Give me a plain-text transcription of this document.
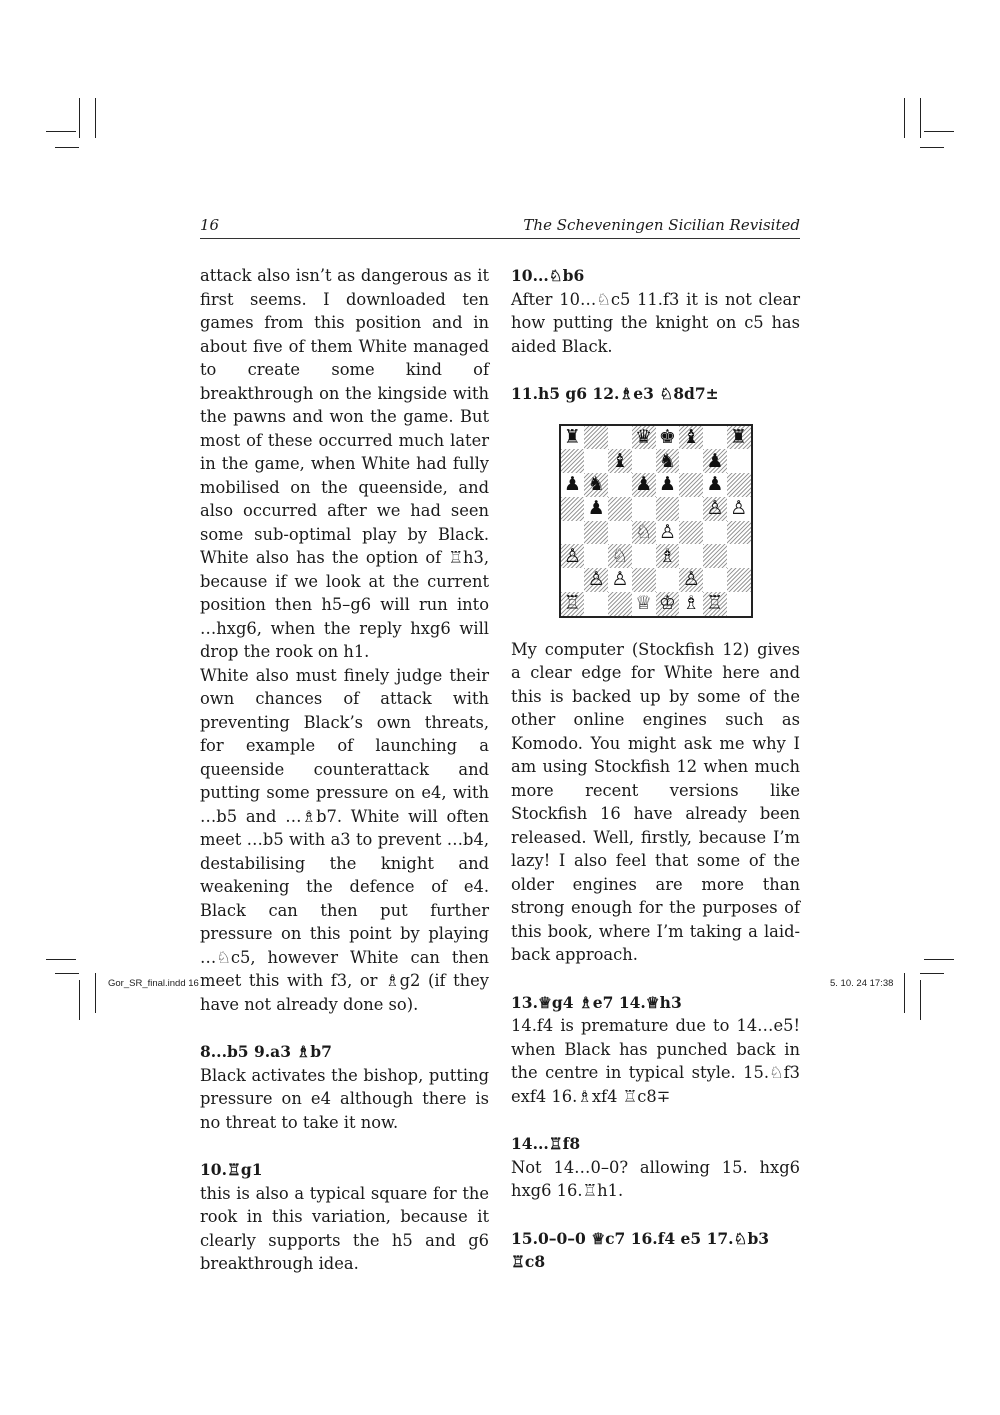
16	The Scheveningen Sicilian Revisited

attack also isn’t as dangerous as it first seems. I downloaded ten games from this position and in about five of them White managed to create some kind of breakthrough on the kingside with the pawns and won the game. But most of these occurred much later in the game, when White had fully mobilised on the queenside, and also occurred after we had seen some sub-optimal play by Black. White also has the option of ♖h3, because if we look at the current position then h5–g6 will run into …hxg6, when the reply hxg6 will drop the rook on h1.

White also must finely judge their own chances of attack with preventing Black’s own threats, for example of launching a queenside counterattack and putting some pressure on e4, with …b5 and …♗b7. White will often meet …b5 with a3 to prevent …b4, destabilising the knight and weakening the defence of e4. Black can then put further pressure on this point by playing …♘c5, however White can then meet this with f3, or ♗g2 (if they have not already done so).

8...b5 9.a3 ♗b7

Black activates the bishop, putting pressure on e4 although there is no threat to take it now.

10.♖g1

this is also a typical square for the rook in this variation, because it clearly supports the h5 and g6 breakthrough idea.

10...♘b6

After 10…♘c5 11.f3 it is not clear how putting the knight on c5 has aided Black.

11.h5 g6 12.♗e3 ♘8d7±

♜	♛ ♚ ♝ ♜
♝ ♞ ♟
♟ ♞ ♟ ♟ ♟
♟	♙ ♙
♘ ♙
♙ ♘ ♗
♙ ♙	♙
♖	♕ ♔ ♗ ♖

My computer (Stockfish 12) gives a clear edge for White here and this is backed up by some of the other online engines such as Komodo. You might ask me why I am using Stockfish 12 when much more recent versions like Stockfish 16 have already been released. Well, firstly, because I’m lazy! I also feel that some of the older engines are more than strong enough for the purposes of this book, where I’m taking a laid-back approach.

13.♕g4 ♗e7 14.♕h3

14.f4 is premature due to 14…e5! when Black has punched back in the centre in typical style. 15.♘f3 exf4 16.♗xf4 ♖c8∓

14...♖f8

Not 14…0–0? allowing 15. hxg6 hxg6 16.♖h1.

15.0–0–0 ♕c7 16.f4 e5 17.♘b3 ♖c8

Gor_SR_final.indd 16	5. 10. 24 17:38
